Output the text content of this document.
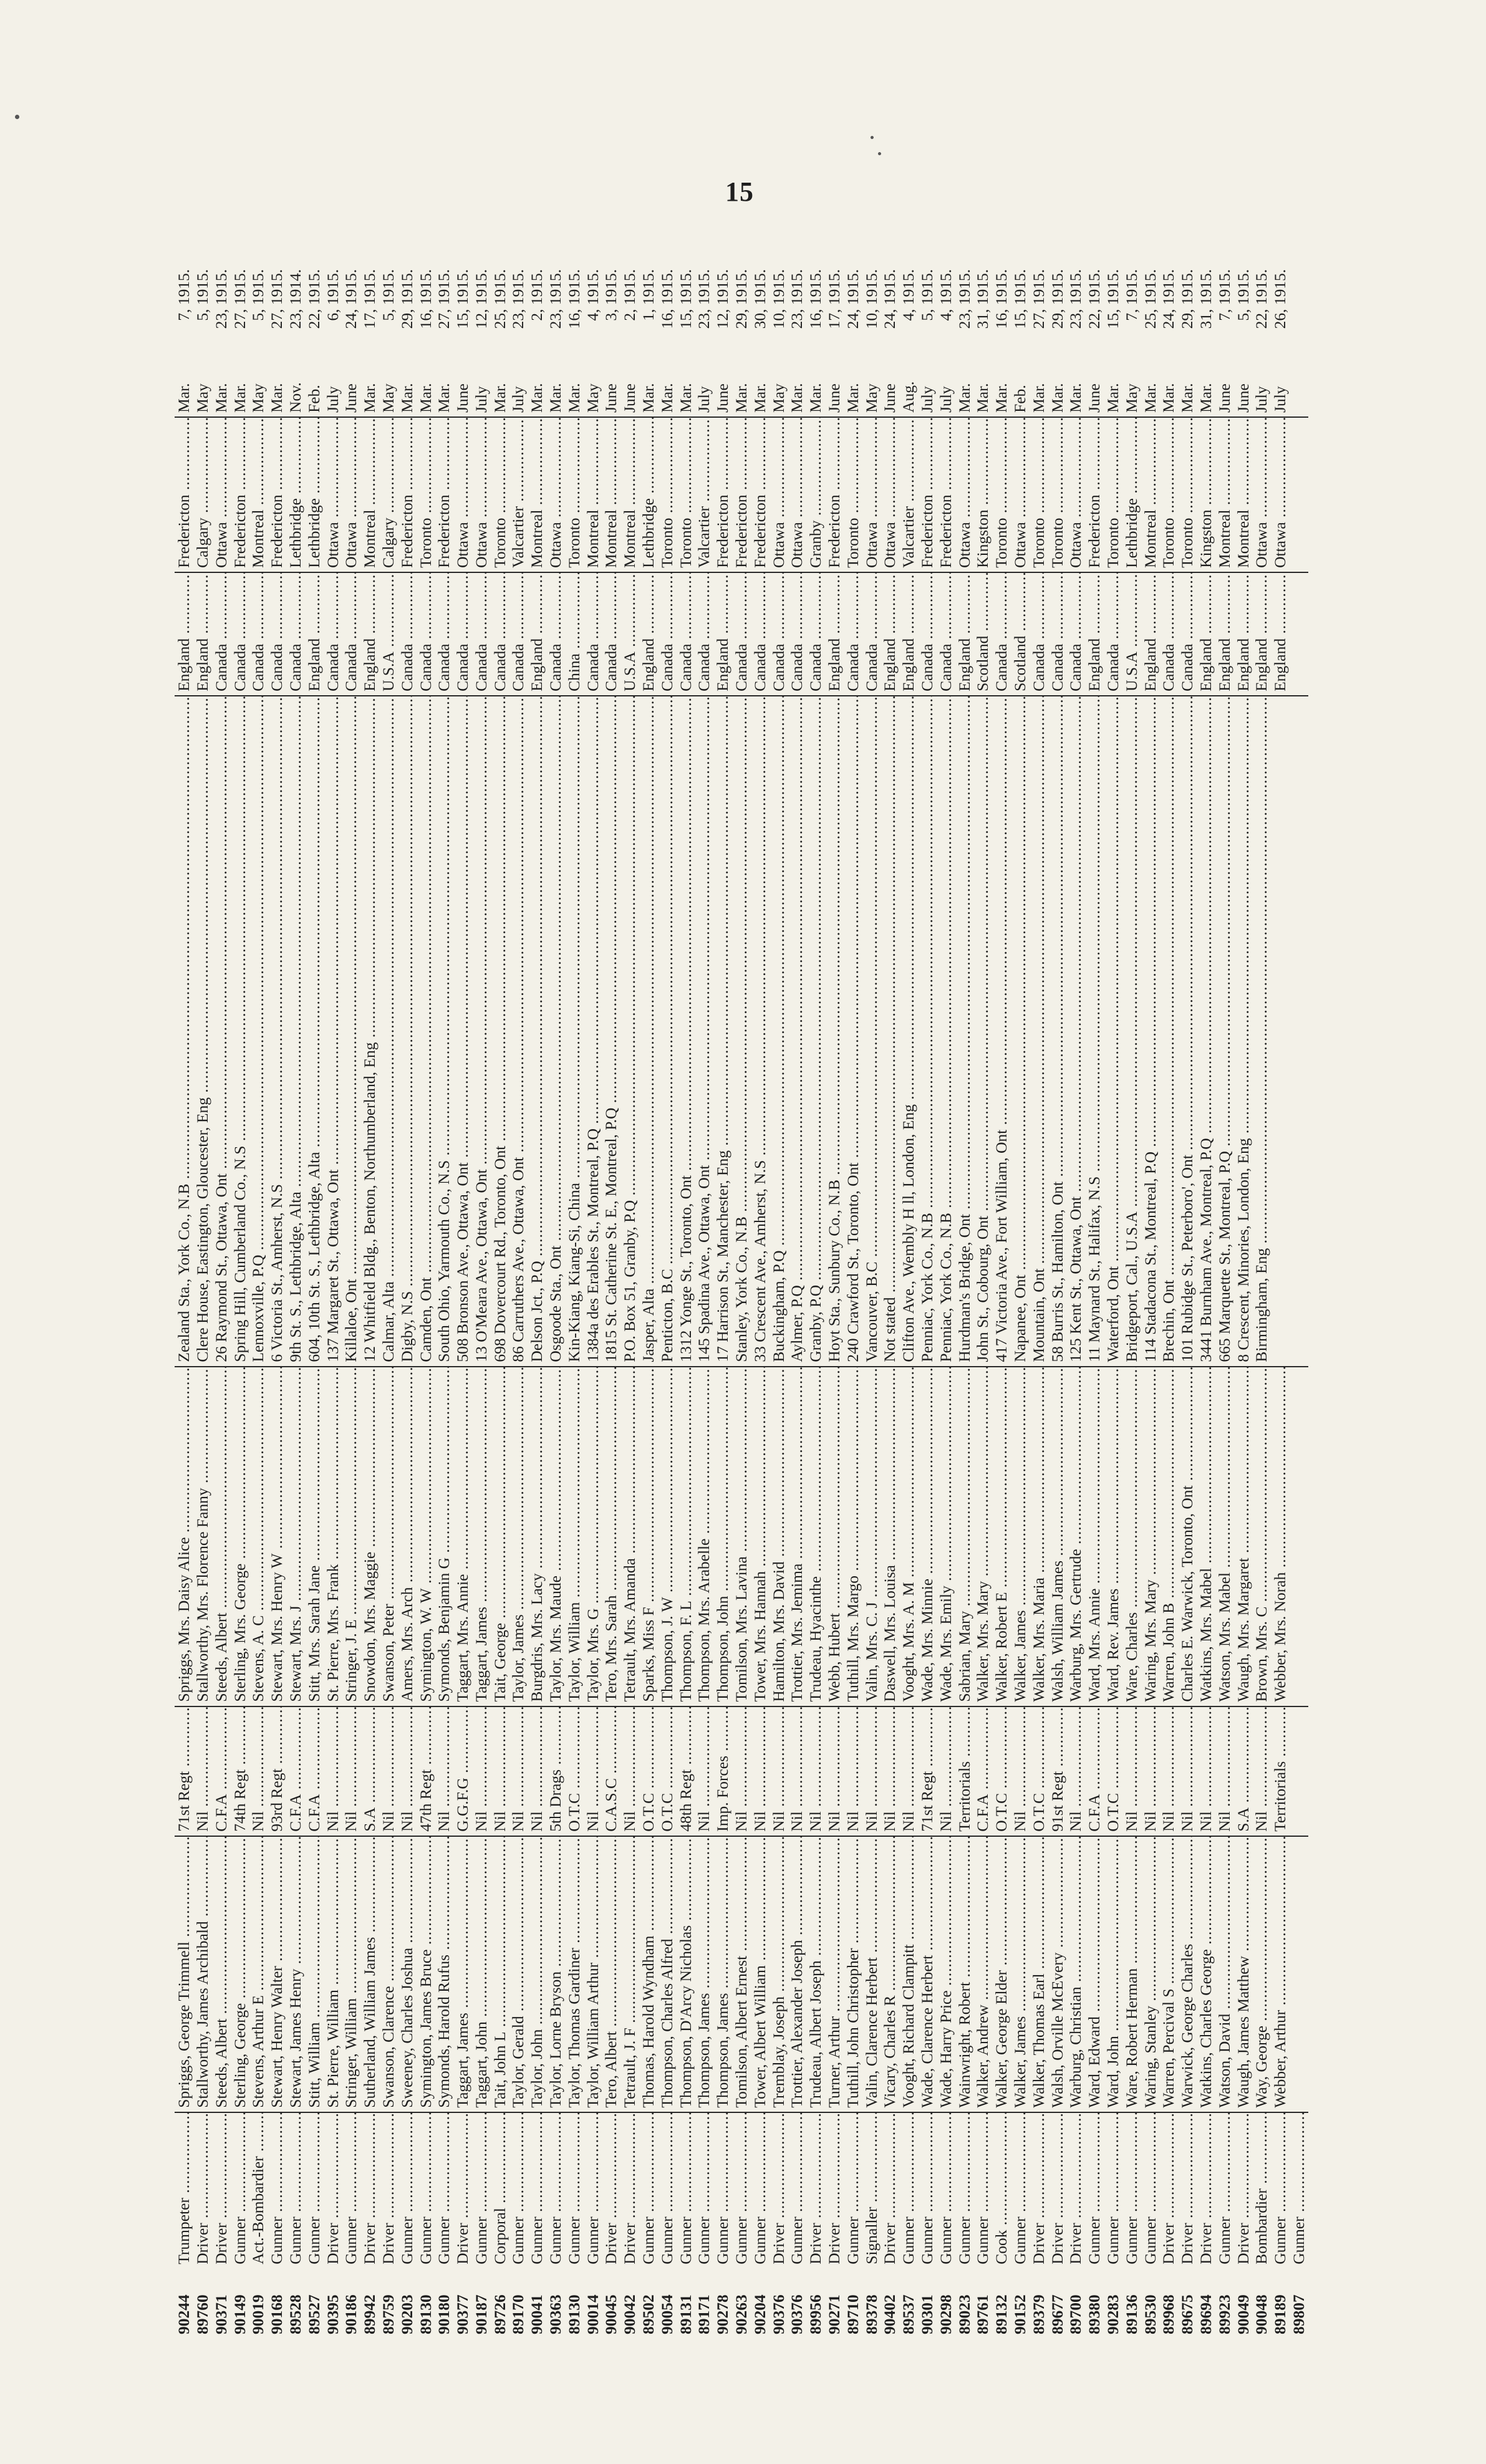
15
90244	Trumpeter .....	Spriggs, George Trimmell .....	71st Regt .....	Spriggs, Mrs. Daisy Alice .....	Zealand Sta., York Co., N.B .....	England .....	Fredericton .....	Mar. 7, 1915.
89760	Driver .....	Stallworthy, James Archibald .....	Nil .....	Stallworthy, Mrs. Florence Fanny .....	Clere House, Eastington, Gloucester, Eng .....	England .....	Calgary .....	May 5, 1915.
90371	Driver .....	Steeds, Albert .....	C.F.A .....	Steeds, Albert .....	26 Raymond St., Ottawa, Ont .....	Canada .....	Ottawa .....	Mar. 23, 1915.
90149	Gunner .....	Sterling, George .....	74th Regt .....	Sterling, Mrs. George .....	Spring Hill, Cumberland Co., N.S .....	Canada .....	Fredericton .....	Mar. 27, 1915.
90019	Act.-Bombardier .....	Stevens, Arthur E .....	Nil .....	Stevens, A. C .....	Lennoxville, P.Q .....	Canada .....	Montreal .....	May 5, 1915.
90168	Gunner .....	Stewart, Henry Walter .....	93rd Regt .....	Stewart, Mrs. Henry W .....	6 Victoria St., Amherst, N.S .....	Canada .....	Fredericton .....	Mar. 27, 1915.
89528	Gunner .....	Stewart, James Henry .....	C.F.A .....	Stewart, Mrs. J .....	9th St. S., Lethbridge, Alta .....	Canada .....	Lethbridge .....	Nov. 23, 1914.
89527	Gunner .....	Stitt, William .....	C.F.A .....	Stitt, Mrs. Sarah Jane .....	604, 10th St. S., Lethbridge, Alta .....	England .....	Lethbridge .....	Feb. 22, 1915.
90395	Driver .....	St. Pierre, William .....	Nil .....	St. Pierre, Mrs. Frank .....	137 Margaret St., Ottawa, Ont .....	Canada .....	Ottawa .....	July 6, 1915.
90186	Gunner .....	Stringer, William .....	Nil .....	Stringer, J. E .....	Killaloe, Ont .....	Canada .....	Ottawa .....	June 24, 1915.
89942	Driver .....	Sutherland, William James .....	S.A .....	Snowdon, Mrs. Maggie .....	12 Whitfield Bldg., Benton, Northumberland, Eng .....	England .....	Montreal .....	Mar. 17, 1915.
89759	Driver .....	Swanson, Clarence .....	Nil .....	Swanson, Peter .....	Calmar, Alta .....	U.S.A .....	Calgary .....	May 5, 1915.
90203	Gunner .....	Sweeney, Charles Joshua .....	Nil .....	Amers, Mrs. Arch .....	Digby, N.S .....	Canada .....	Fredericton .....	Mar. 29, 1915.
89130	Gunner .....	Symington, James Bruce .....	47th Regt .....	Symington, W. W .....	Camden, Ont .....	Canada .....	Toronto .....	Mar. 16, 1915.
90180	Gunner .....	Symonds, Harold Rufus .....	Nil .....	Symonds, Benjamin G .....	South Ohio, Yarmouth Co., N.S .....	Canada .....	Fredericton .....	Mar. 27, 1915.
90377	Driver .....	Taggart, James .....	G.G.F.G .....	Taggart, Mrs. Annie .....	508 Bronson Ave., Ottawa, Ont .....	Canada .....	Ottawa .....	June 15, 1915.
90187	Gunner .....	Taggart, John .....	Nil .....	Taggart, James .....	13 O'Meara Ave., Ottawa, Ont .....	Canada .....	Ottawa .....	July 12, 1915.
89726	Corporal .....	Tait, John L .....	Nil .....	Tait, George .....	698 Dovercourt Rd., Toronto, Ont .....	Canada .....	Toronto .....	Mar. 25, 1915.
89170	Gunner .....	Taylor, Gerald .....	Nil .....	Taylor, James .....	86 Carruthers Ave., Ottawa, Ont .....	Canada .....	Valcartier .....	July 23, 1915.
90041	Gunner .....	Taylor, John .....	Nil .....	Burgdris, Mrs. Lacy .....	Delson Jct., P.Q .....	England .....	Montreal .....	Mar. 2, 1915.
90363	Gunner .....	Taylor, Lorne Bryson .....	5th Drags .....	Taylor, Mrs. Maude .....	Osgoode Sta., Ont .....	Canada .....	Ottawa .....	Mar. 23, 1915.
89130	Gunner .....	Taylor, Thomas Gardiner .....	O.T.C .....	Taylor, William .....	Kin-Kiang, Kiang-Si, China .....	China .....	Toronto .....	Mar. 16, 1915.
90014	Gunner .....	Taylor, William Arthur .....	Nil .....	Taylor, Mrs. G .....	1384a des Erables St., Montreal, P.Q .....	Canada .....	Montreal .....	May 4, 1915.
90045	Driver .....	Tero, Albert .....	C.A.S.C .....	Tero, Mrs. Sarah .....	1815 St. Catherine St. E., Montreal, P.Q .....	Canada .....	Montreal .....	June 3, 1915.
90042	Driver .....	Tetrault, J. F .....	Nil .....	Tetrault, Mrs. Amanda .....	P.O. Box 51, Granby, P.Q .....	U.S.A .....	Montreal .....	June 2, 1915.
89502	Gunner .....	Thomas, Harold Wyndham .....	O.T.C .....	Sparks, Miss F .....	Jasper, Alta .....	England .....	Lethbridge .....	Mar. 1, 1915.
90054	Gunner .....	Thompson, Charles Alfred .....	O.T.C .....	Thompson, J. W .....	Penticton, B.C .....	Canada .....	Toronto .....	Mar. 16, 1915.
89131	Gunner .....	Thompson, D'Arcy Nicholas .....	48th Regt .....	Thompson, F. L .....	1312 Yonge St., Toronto, Ont .....	Canada .....	Toronto .....	Mar. 15, 1915.
89171	Gunner .....	Thompson, James .....	Nil .....	Thompson, Mrs. Arabelle .....	145 Spadina Ave., Ottawa, Ont .....	Canada .....	Valcartier .....	July 23, 1915.
90278	Gunner .....	Thompson, James .....	Imp. Forces .....	Thompson, John .....	17 Harrison St., Manchester, Eng .....	England .....	Fredericton .....	June 12, 1915.
90263	Gunner .....	Tomilson, Albert Ernest .....	Nil .....	Tomilson, Mrs. Lavina .....	Stanley, York Co., N.B .....	Canada .....	Fredericton .....	Mar. 29, 1915.
90204	Gunner .....	Tower, Albert William .....	Nil .....	Tower, Mrs. Hannah .....	33 Crescent Ave., Amherst, N.S .....	Canada .....	Fredericton .....	Mar. 30, 1915.
90376	Driver .....	Tremblay, Joseph .....	Nil .....	Hamilton, Mrs. David .....	Buckingham, P.Q .....	Canada .....	Ottawa .....	May 10, 1915.
90376	Gunner .....	Trottier, Alexander Joseph .....	Nil .....	Trottier, Mrs. Jemima .....	Aylmer, P.Q .....	Canada .....	Ottawa .....	Mar. 23, 1915.
89956	Driver .....	Trudeau, Albert Joseph .....	Nil .....	Trudeau, Hyacinthe .....	Granby, P.Q .....	Canada .....	Granby .....	Mar. 16, 1915.
90271	Driver .....	Turner, Arthur .....	Nil .....	Webb, Hubert .....	Hoyt Sta., Sunbury Co., N.B .....	England .....	Fredericton .....	June 17, 1915.
89710	Gunner .....	Tuthill, John Christopher .....	Nil .....	Tuthill, Mrs. Margo .....	240 Crawford St., Toronto, Ont .....	Canada .....	Toronto .....	Mar. 24, 1915.
89378	Signaller .....	Valin, Clarence Herbert .....	Nil .....	Valin, Mrs. C. J .....	Vancouver, B.C .....	Canada .....	Ottawa .....	May 10, 1915.
90402	Driver .....	Vicary, Charles R .....	Nil .....	Daswell, Mrs. Louisa .....	Not stated .....	England .....	Ottawa .....	June 24, 1915.
89537	Gunner .....	Vooght, Richard Clampitt .....	Nil .....	Vooght, Mrs. A. M .....	Clifton Ave., Wembly H ll, London, Eng .....	England .....	Valcartier .....	Aug. 4, 1915.
90301	Gunner .....	Wade, Clarence Herbert .....	71st Regt .....	Wade, Mrs. Minnie .....	Penniac, York Co., N.B .....	Canada .....	Fredericton .....	July 5, 1915.
90298	Gunner .....	Wade, Harry Price .....	Nil .....	Wade, Mrs. Emily .....	Penniac, York Co., N.B .....	Canada .....	Fredericton .....	July 4, 1915.
89023	Gunner .....	Wainwright, Robert .....	Territorials .....	Sabrian, Mary .....	Hurdman's Bridge, Ont .....	England .....	Ottawa .....	Mar. 23, 1915.
89761	Gunner .....	Walker, Andrew .....	C.F.A .....	Walker, Mrs. Mary .....	John St., Cobourg, Ont .....	Scotland .....	Kingston .....	Mar. 31, 1915.
89132	Cook .....	Walker, George Elder .....	O.T.C .....	Walker, Robert E .....	417 Victoria Ave., Fort William, Ont .....	Canada .....	Toronto .....	Mar. 16, 1915.
90152	Gunner .....	Walker, James .....	Nil .....	Walker, James .....	Napanee, Ont .....	Scotland .....	Ottawa .....	Feb. 15, 1915.
89379	Driver .....	Walker, Thomas Earl .....	O.T.C .....	Walker, Mrs. Maria .....	Mountain, Ont .....	Canada .....	Toronto .....	Mar. 27, 1915.
89677	Driver .....	Walsh, Orville McEvery .....	91st Regt .....	Walsh, William James .....	58 Burris St., Hamilton, Ont .....	Canada .....	Toronto .....	Mar. 29, 1915.
89700	Driver .....	Warburg, Christian .....	Nil .....	Warburg, Mrs. Gertrude .....	125 Kent St., Ottawa, Ont .....	Canada .....	Ottawa .....	Mar. 23, 1915.
89380	Gunner .....	Ward, Edward .....	C.F.A .....	Ward, Mrs. Annie .....	11 Maynard St., Halifax, N.S .....	England .....	Fredericton .....	June 22, 1915.
90283	Gunner .....	Ward, John .....	O.T.C .....	Ward, Rev. James .....	Waterford, Ont .....	Canada .....	Toronto .....	Mar. 15, 1915.
89136	Gunner .....	Ware, Robert Herman .....	Nil .....	Ware, Charles .....	Bridgeport, Cal., U.S.A .....	U.S.A .....	Lethbridge .....	May 7, 1915.
89530	Gunner .....	Waring, Stanley .....	Nil .....	Waring, Mrs. Mary .....	114 Stadacona St., Montreal, P.Q .....	England .....	Montreal .....	Mar. 25, 1915.
89968	Driver .....	Warren, Percival S .....	Nil .....	Warren, John B .....	Brechin, Ont .....	Canada .....	Toronto .....	Mar. 24, 1915.
89675	Driver .....	Warwick, George Charles .....	Nil .....	Charles E. Warwick, Toronto, Ont .....	101 Rubidge St., Peterboro', Ont .....	Canada .....	Toronto .....	Mar. 29, 1915.
89694	Driver .....	Watkins, Charles George .....	Nil .....	Watkins, Mrs. Mabel .....	3441 Burnham Ave., Montreal, P.Q .....	England .....	Kingston .....	Mar. 31, 1915.
89923	Gunner .....	Watson, David .....	Nil .....	Watson, Mrs. Mabel .....	665 Marquette St., Montreal, P.Q .....	England .....	Montreal .....	June 7, 1915.
90049	Driver .....	Waugh, James Matthew .....	S.A .....	Waugh, Mrs. Margaret .....	8 Crescent, Minories, London, Eng .....	England .....	Montreal .....	June 5, 1915.
90048	Bombardier .....	Way, George .....	Nil .....	Brown, Mrs. C .....	Birmingham, Eng .....	England .....	Ottawa .....	July 22, 1915.
89189	Gunner .....	Webber, Arthur .....	Territorials .....	Webber, Mrs. Norah .....		England .....	Ottawa .....	July 26, 1915.
89807	Gunner .....							
